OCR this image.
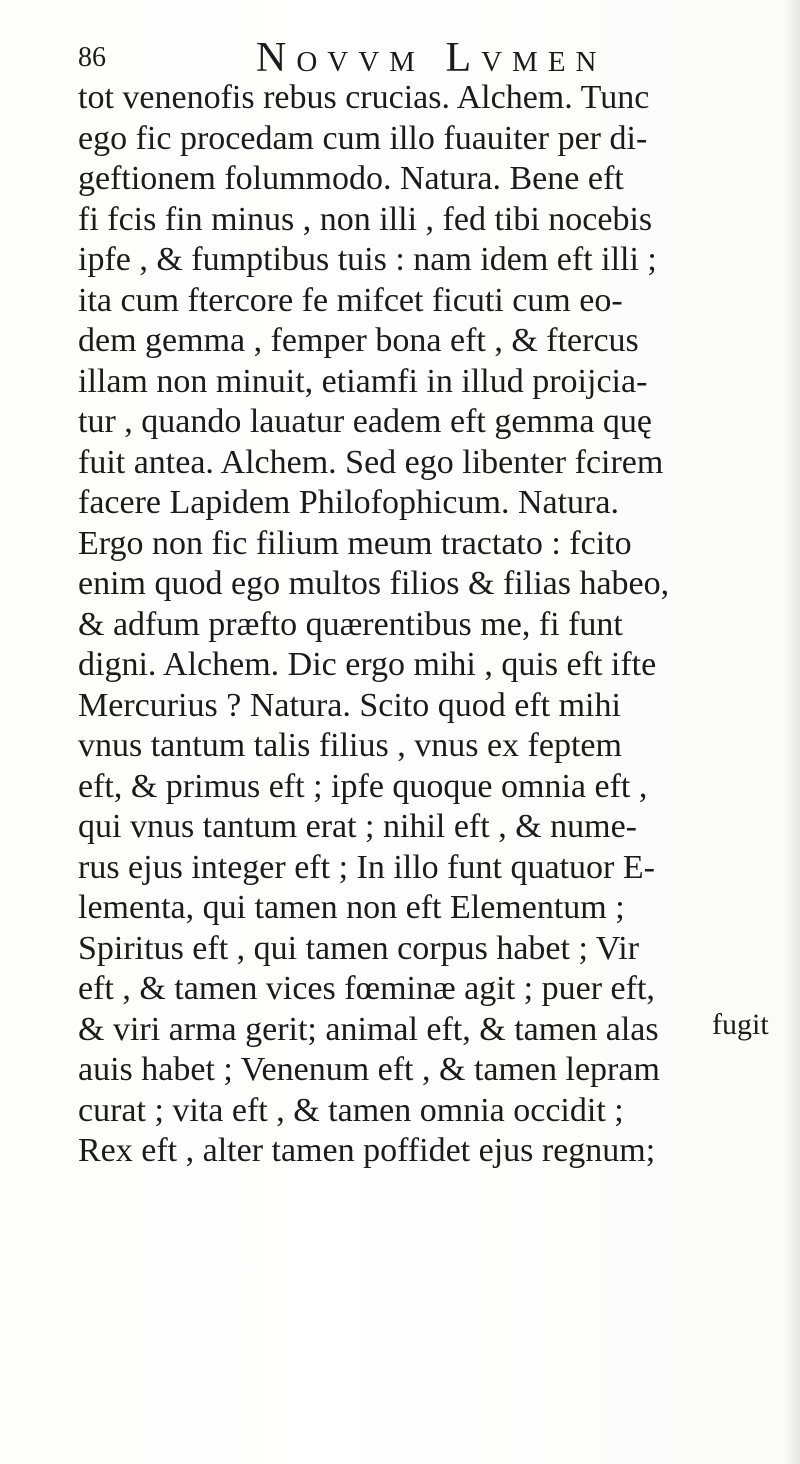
86	Novvm Lvmen
tot venenofis rebus crucias. Alchem. Tunc
ego fic procedam cum illo fuauiter per di-
geftionem folummodo. Natura. Bene eft
fi fcis fin minus , non illi , fed tibi nocebis
ipfe , & fumptibus tuis : nam idem eft illi ;
ita cum ftercore fe mifcet ficuti cum eo-
dem gemma , femper bona eft , & ftercus
illam non minuit, etiamfi in illud proijcia-
tur , quando lauatur eadem eft gemma quę
fuit antea. Alchem. Sed ego libenter fcirem
facere Lapidem Philofophicum. Natura.
Ergo non fic filium meum tractato : fcito
enim quod ego multos filios & filias habeo,
& adfum præfto quærentibus me, fi funt
digni. Alchem. Dic ergo mihi , quis eft ifte
Mercurius ? Natura. Scito quod eft mihi
vnus tantum talis filius , vnus ex feptem
eft, & primus eft ; ipfe quoque omnia eft ,
qui vnus tantum erat ; nihil eft , & nume-
rus ejus integer eft ; In illo funt quatuor E-
lementa, qui tamen non eft Elementum ;
Spiritus eft , qui tamen corpus habet ; Vir
eft , & tamen vices fœminæ agit ; puer eft,
& viri arma gerit; animal eft, & tamen alas
auis habet ; Venenum eft , & tamen lepram
curat ; vita eft , & tamen omnia occidit ;
Rex eft , alter tamen poffidet ejus regnum;
fugit
